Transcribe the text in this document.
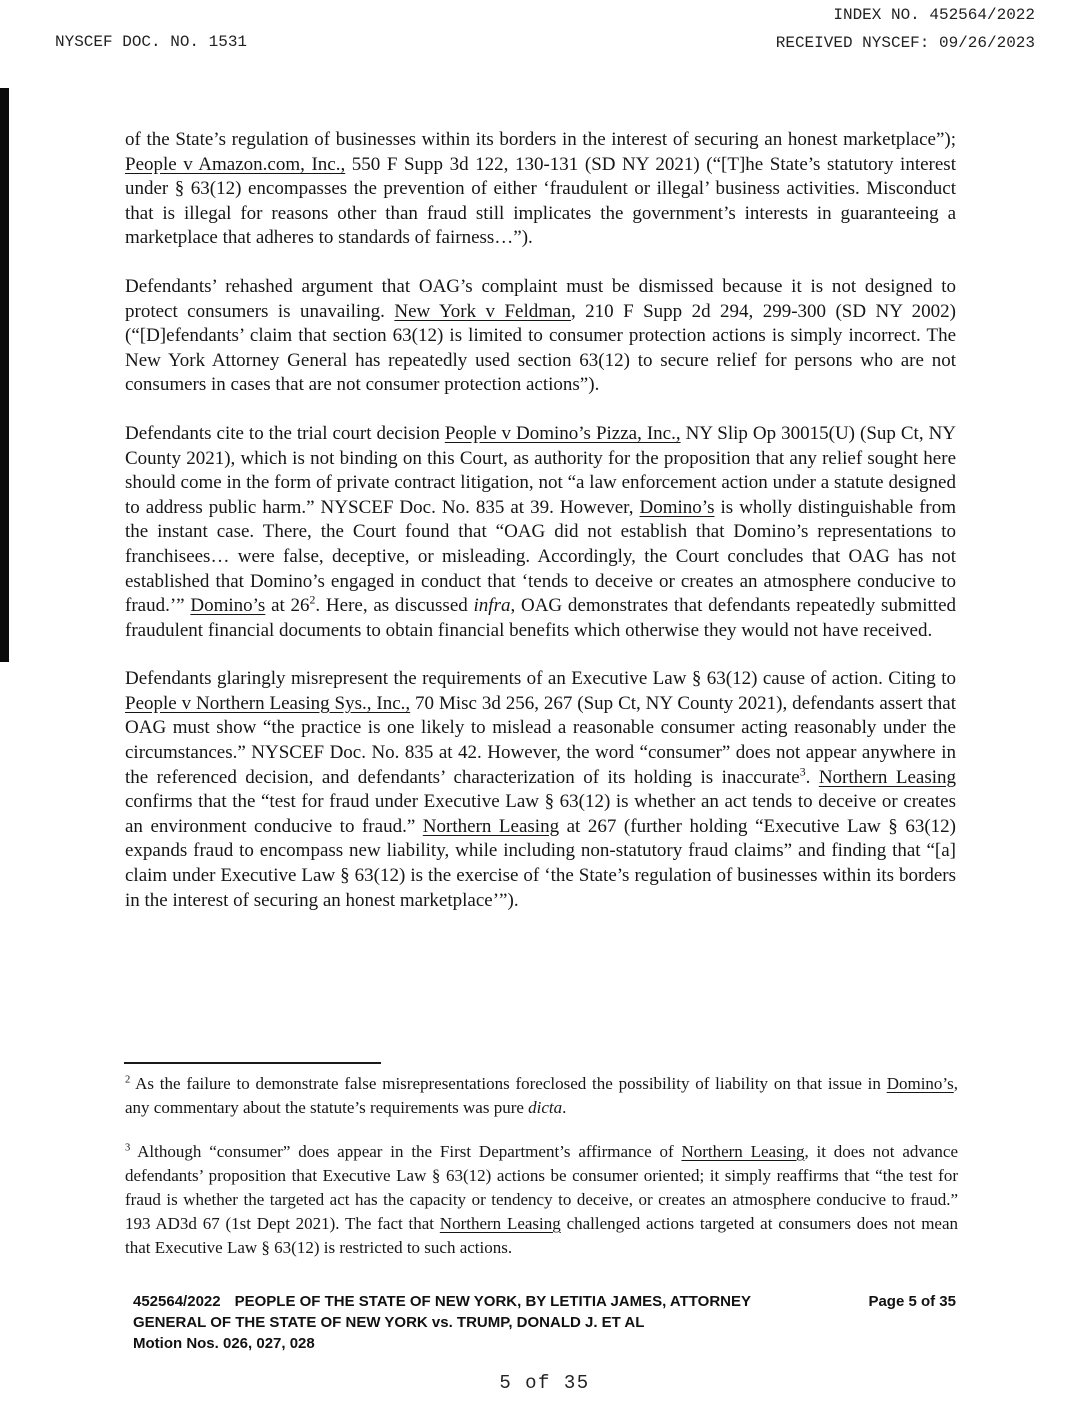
NYSCEF DOC. NO. 1531
INDEX NO. 452564/2022
RECEIVED NYSCEF: 09/26/2023

of the State’s regulation of businesses within its borders in the interest of securing an honest marketplace”); People v Amazon.com, Inc., 550 F Supp 3d 122, 130-131 (SD NY 2021) (“[T]he State’s statutory interest under § 63(12) encompasses the prevention of either ‘fraudulent or illegal’ business activities. Misconduct that is illegal for reasons other than fraud still implicates the government’s interests in guaranteeing a marketplace that adheres to standards of fairness…”).

Defendants’ rehashed argument that OAG’s complaint must be dismissed because it is not designed to protect consumers is unavailing. New York v Feldman, 210 F Supp 2d 294, 299-300 (SD NY 2002) (“[D]efendants’ claim that section 63(12) is limited to consumer protection actions is simply incorrect. The New York Attorney General has repeatedly used section 63(12) to secure relief for persons who are not consumers in cases that are not consumer protection actions”).

Defendants cite to the trial court decision People v Domino’s Pizza, Inc., NY Slip Op 30015(U) (Sup Ct, NY County 2021), which is not binding on this Court, as authority for the proposition that any relief sought here should come in the form of private contract litigation, not “a law enforcement action under a statute designed to address public harm.” NYSCEF Doc. No. 835 at 39. However, Domino’s is wholly distinguishable from the instant case. There, the Court found that “OAG did not establish that Domino’s representations to franchisees… were false, deceptive, or misleading. Accordingly, the Court concludes that OAG has not established that Domino’s engaged in conduct that ‘tends to deceive or creates an atmosphere conducive to fraud.’” Domino’s at $26^2$. Here, as discussed infra, OAG demonstrates that defendants repeatedly submitted fraudulent financial documents to obtain financial benefits which otherwise they would not have received.

Defendants glaringly misrepresent the requirements of an Executive Law § 63(12) cause of action. Citing to People v Northern Leasing Sys., Inc., 70 Misc 3d 256, 267 (Sup Ct, NY County 2021), defendants assert that OAG must show “the practice is one likely to mislead a reasonable consumer acting reasonably under the circumstances.” NYSCEF Doc. No. 835 at 42. However, the word “consumer” does not appear anywhere in the referenced decision, and defendants’ characterization of its holding is inaccurate$^3$. Northern Leasing confirms that the “test for fraud under Executive Law § 63(12) is whether an act tends to deceive or creates an environment conducive to fraud.” Northern Leasing at 267 (further holding “Executive Law § 63(12) expands fraud to encompass new liability, while including non-statutory fraud claims” and finding that “[a] claim under Executive Law § 63(12) is the exercise of ‘the State’s regulation of businesses within its borders in the interest of securing an honest marketplace’”).

$^2$ As the failure to demonstrate false misrepresentations foreclosed the possibility of liability on that issue in Domino’s, any commentary about the statute’s requirements was pure dicta.

$^3$ Although “consumer” does appear in the First Department’s affirmance of Northern Leasing, it does not advance defendants’ proposition that Executive Law § 63(12) actions be consumer oriented; it simply reaffirms that “the test for fraud is whether the targeted act has the capacity or tendency to deceive, or creates an atmosphere conducive to fraud.” 193 AD3d 67 (1st Dept 2021). The fact that Northern Leasing challenged actions targeted at consumers does not mean that Executive Law § 63(12) is restricted to such actions.

452564/2022 PEOPLE OF THE STATE OF NEW YORK, BY LETITIA JAMES, ATTORNEY GENERAL OF THE STATE OF NEW YORK vs. TRUMP, DONALD J. ET AL
Motion Nos. 026, 027, 028
Page 5 of 35
5 of 35
